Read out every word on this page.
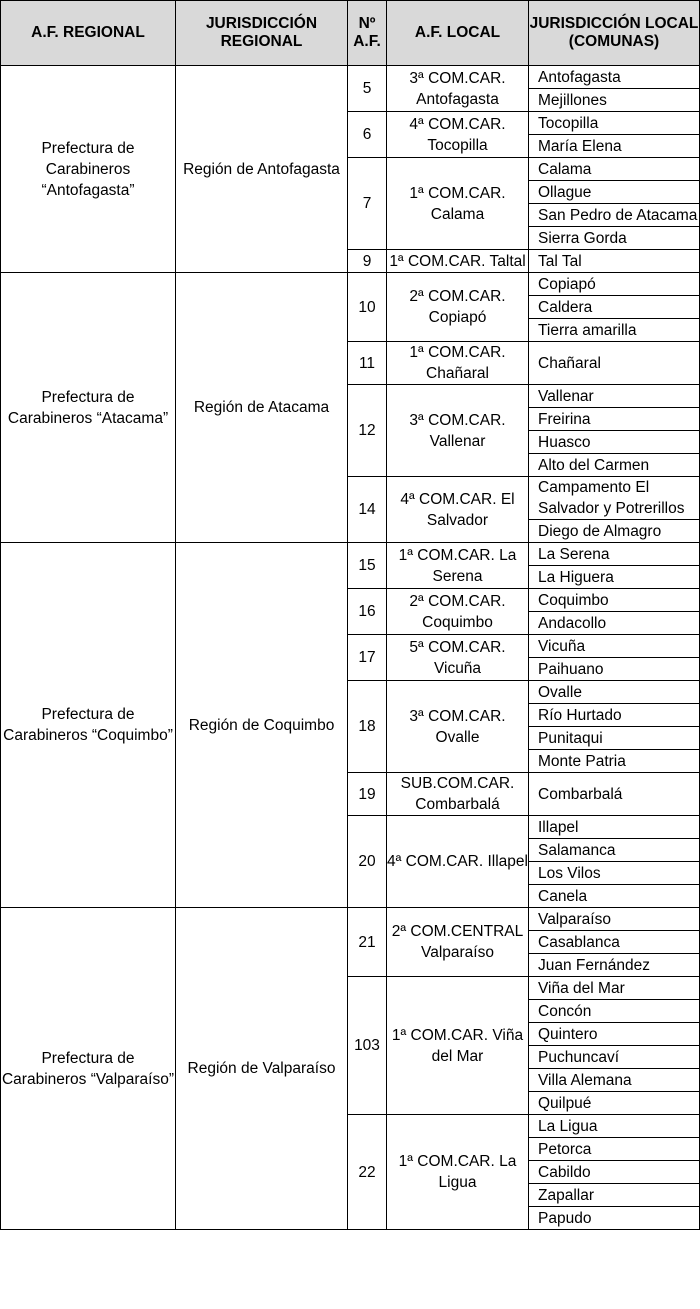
A.F. REGIONAL	JURISDICCIÓN REGIONAL	Nº A.F.	A.F. LOCAL	JURISDICCIÓN LOCAL (COMUNAS)
Prefectura de Carabineros “Antofagasta”	Región de Antofagasta	5	3ª COM.CAR. Antofagasta	Antofagasta
				Mejillones
		6	4ª COM.CAR. Tocopilla	Tocopilla
				María Elena
		7	1ª COM.CAR. Calama	Calama
				Ollague
				San Pedro de Atacama
				Sierra Gorda
		9	1ª COM.CAR. Taltal	Tal Tal
Prefectura de Carabineros “Atacama”	Región de Atacama	10	2ª COM.CAR. Copiapó	Copiapó
				Caldera
				Tierra amarilla
		11	1ª COM.CAR. Chañaral	Chañaral
		12	3ª COM.CAR. Vallenar	Vallenar
				Freirina
				Huasco
				Alto del Carmen
		14	4ª COM.CAR. El Salvador	Campamento El Salvador y Potrerillos
				Diego de Almagro
Prefectura de Carabineros “Coquimbo”	Región de Coquimbo	15	1ª COM.CAR. La Serena	La Serena
				La Higuera
		16	2ª COM.CAR. Coquimbo	Coquimbo
				Andacollo
		17	5ª COM.CAR. Vicuña	Vicuña
				Paihuano
		18	3ª COM.CAR. Ovalle	Ovalle
				Río Hurtado
				Punitaqui
				Monte Patria
		19	SUB.COM.CAR. Combarbalá	Combarbalá
		20	4ª COM.CAR. Illapel	Illapel
				Salamanca
				Los Vilos
				Canela
Prefectura de Carabineros “Valparaíso”	Región de Valparaíso	21	2ª COM.CENTRAL Valparaíso	Valparaíso
				Casablanca
				Juan Fernández
		103	1ª COM.CAR. Viña del Mar	Viña del Mar
				Concón
				Quintero
				Puchuncaví
				Villa Alemana
				Quilpué
		22	1ª COM.CAR. La Ligua	La Ligua
				Petorca
				Cabildo
				Zapallar
				Papudo
